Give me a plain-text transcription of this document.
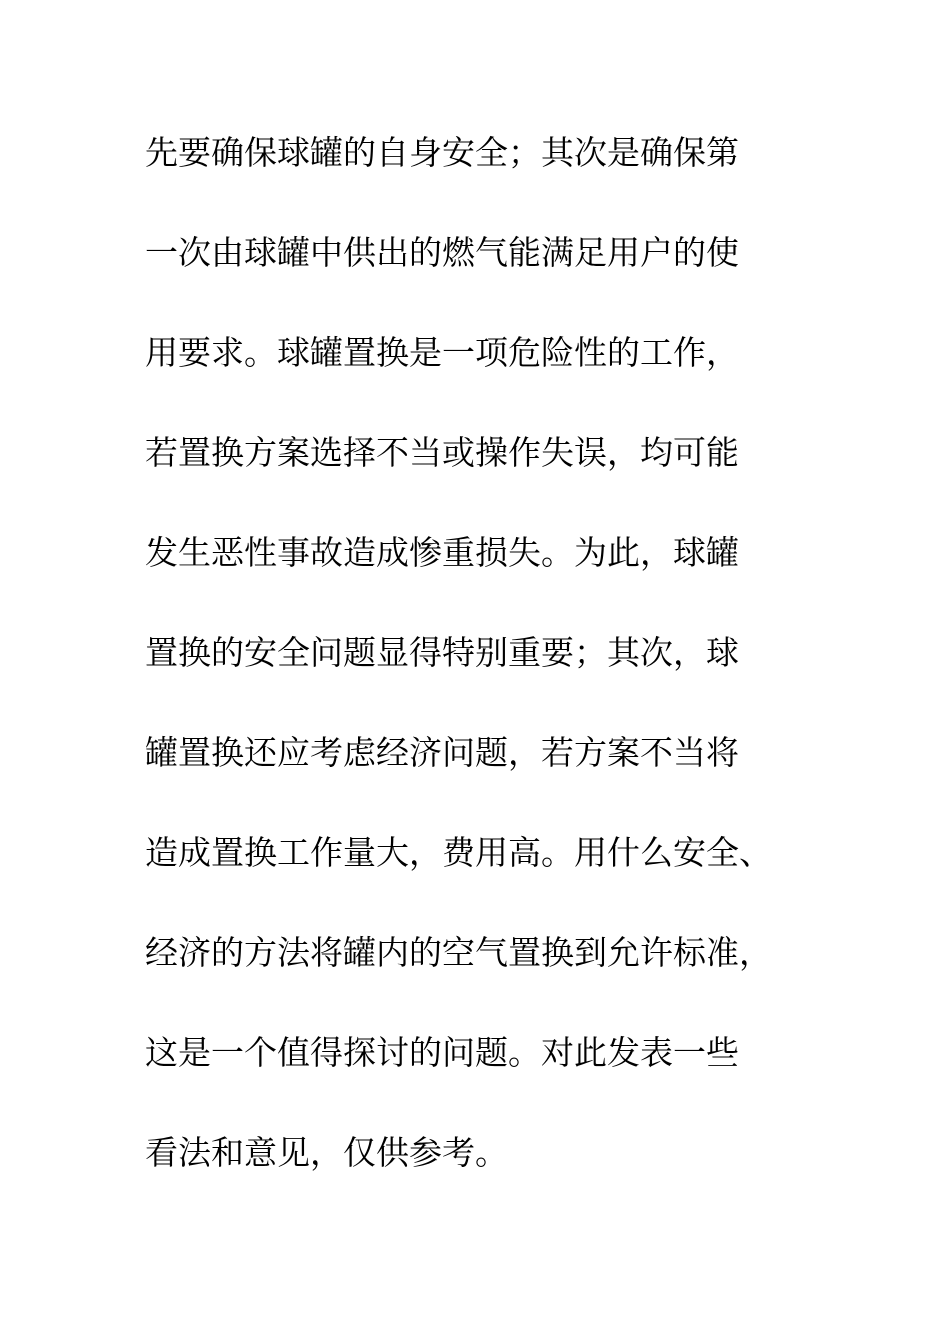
先要确保球罐的自身安全；其次是确保第
一次由球罐中供出的燃气能满足用户的使
用要求。球罐置换是一项危险性的工作，
若置换方案选择不当或操作失误，均可能
发生恶性事故造成惨重损失。为此，球罐
置换的安全问题显得特别重要；其次，球
罐置换还应考虑经济问题，若方案不当将
造成置换工作量大，费用高。用什么安全、
经济的方法将罐内的空气置换到允许标准，
这是一个值得探讨的问题。对此发表一些
看法和意见，仅供参考。
